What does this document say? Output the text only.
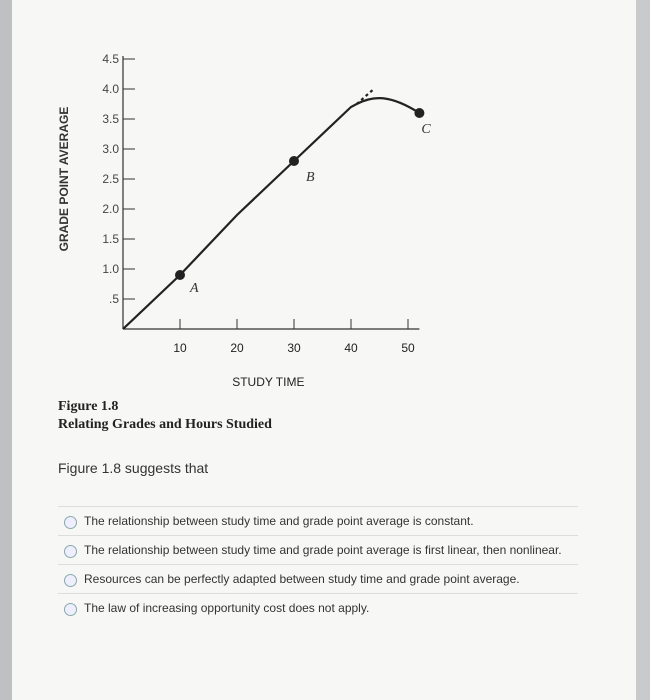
.5
1.0
1.5
2.0
2.5
3.0
3.5
4.0
4.5
10	20	30	40	50
STUDY TIME
GRADE POINT AVERAGE
A
B
C
Figure 1.8
Relating Grades and Hours Studied
Figure 1.8 suggests that
The relationship between study time and grade point average is constant.
The relationship between study time and grade point average is first linear, then nonlinear.
Resources can be perfectly adapted between study time and grade point average.
The law of increasing opportunity cost does not apply.
